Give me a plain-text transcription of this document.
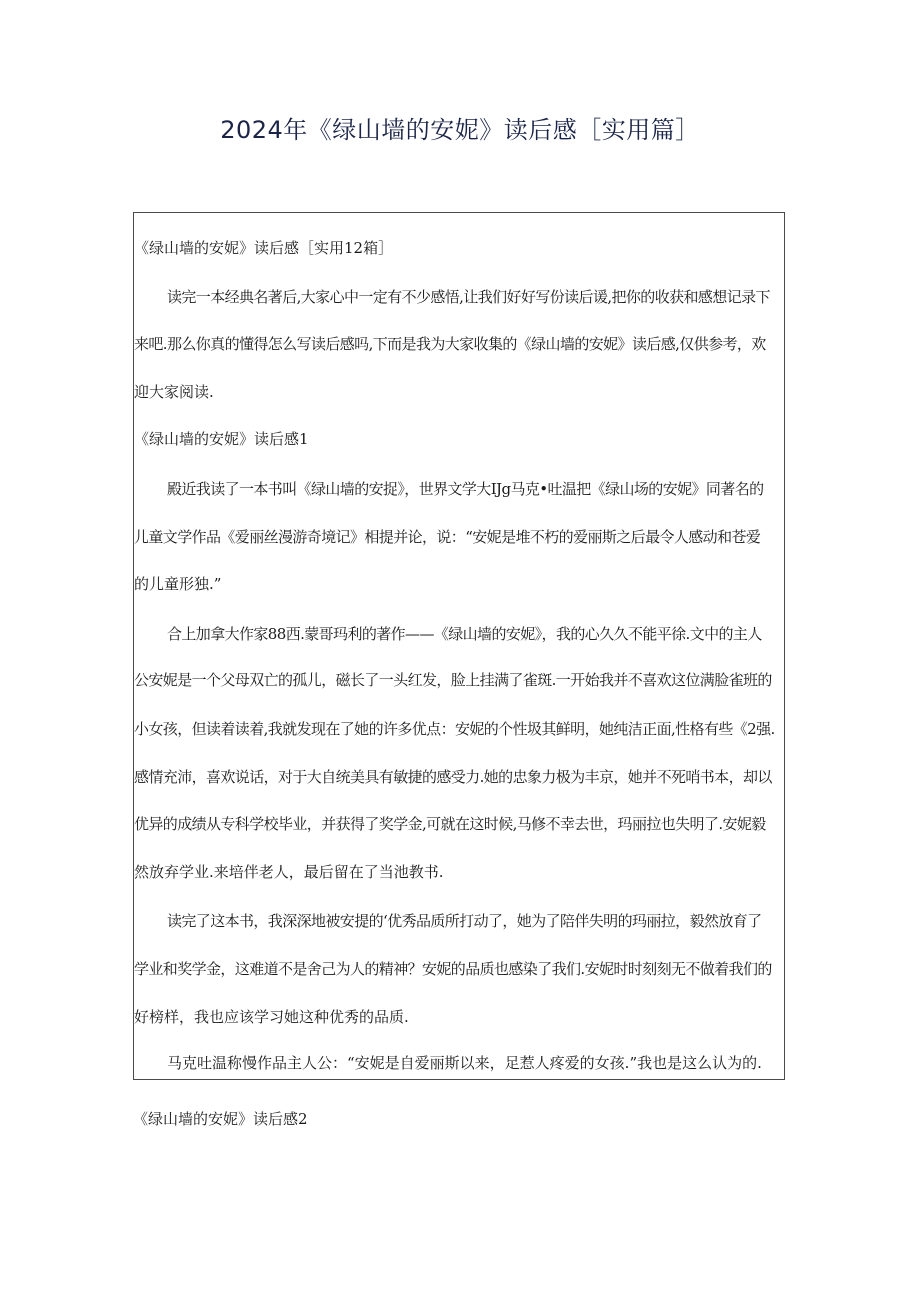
2024年《绿山墙的安妮》读后感［实用篇］
《绿山墙的安妮》读后感［实用12箱］
读完一本经典名著后,大家心中一定有不少感悟,让我们好好写份读后谖,把你的收获和感想记录下
来吧.那么你真的懂得怎么写读后感吗,下而是我为大家收集的《绿山墙的安妮》读后感,仅供参考，欢
迎大家阅读.
《绿山墙的安妮》读后感1
殿近我读了一本书叫《绿山墙的安捉》，世界文学大IJg马克•吐温把《绿山场的安妮》同著名的
儿童文学作品《爱丽丝漫游奇境记》相提并论，说：“安妮是堆不朽的爱丽斯之后最令人感动和苍爱
的儿童形独.”
合上加拿大作家88西.蒙哥玛利的著作——《绿山墙的安妮》，我的心久久不能平徐.文中的主人
公安妮是一个父母双亡的孤儿，磁长了一头红发，脸上挂满了雀斑.一开始我并不喜欢这位满脸雀班的
小女孩，但读着读着,我就发现在了她的许多优点：安妮的个性圾其鲜明，她纯洁正面,性格有些《2强.
感情充沛，喜欢说话，对于大自统美具有敏捷的感受力.她的忠象力极为丰京，她并不死哨书本，却以
优异的成绩从专科学校毕业，并获得了奖学金,可就在这时候,马修不幸去世，玛丽拉也失明了.安妮毅
然放弃学业.来培伴老人，最后留在了当池教书.
读完了这本书，我深深地被安提的‘优秀品质所打动了，她为了陪伴失明的玛丽拉，毅然放育了
学业和奖学金，这难道不是舍己为人的精神？安妮的品质也感染了我们.安妮时时刻刻无不做着我们的
好榜样，我也应该学习她这种优秀的品质.
马克吐温称慢作品主人公：“安妮是自爱丽斯以来，足惹人疼爱的女孩.”我也是这么认为的.
《绿山墙的安妮》读后感2
